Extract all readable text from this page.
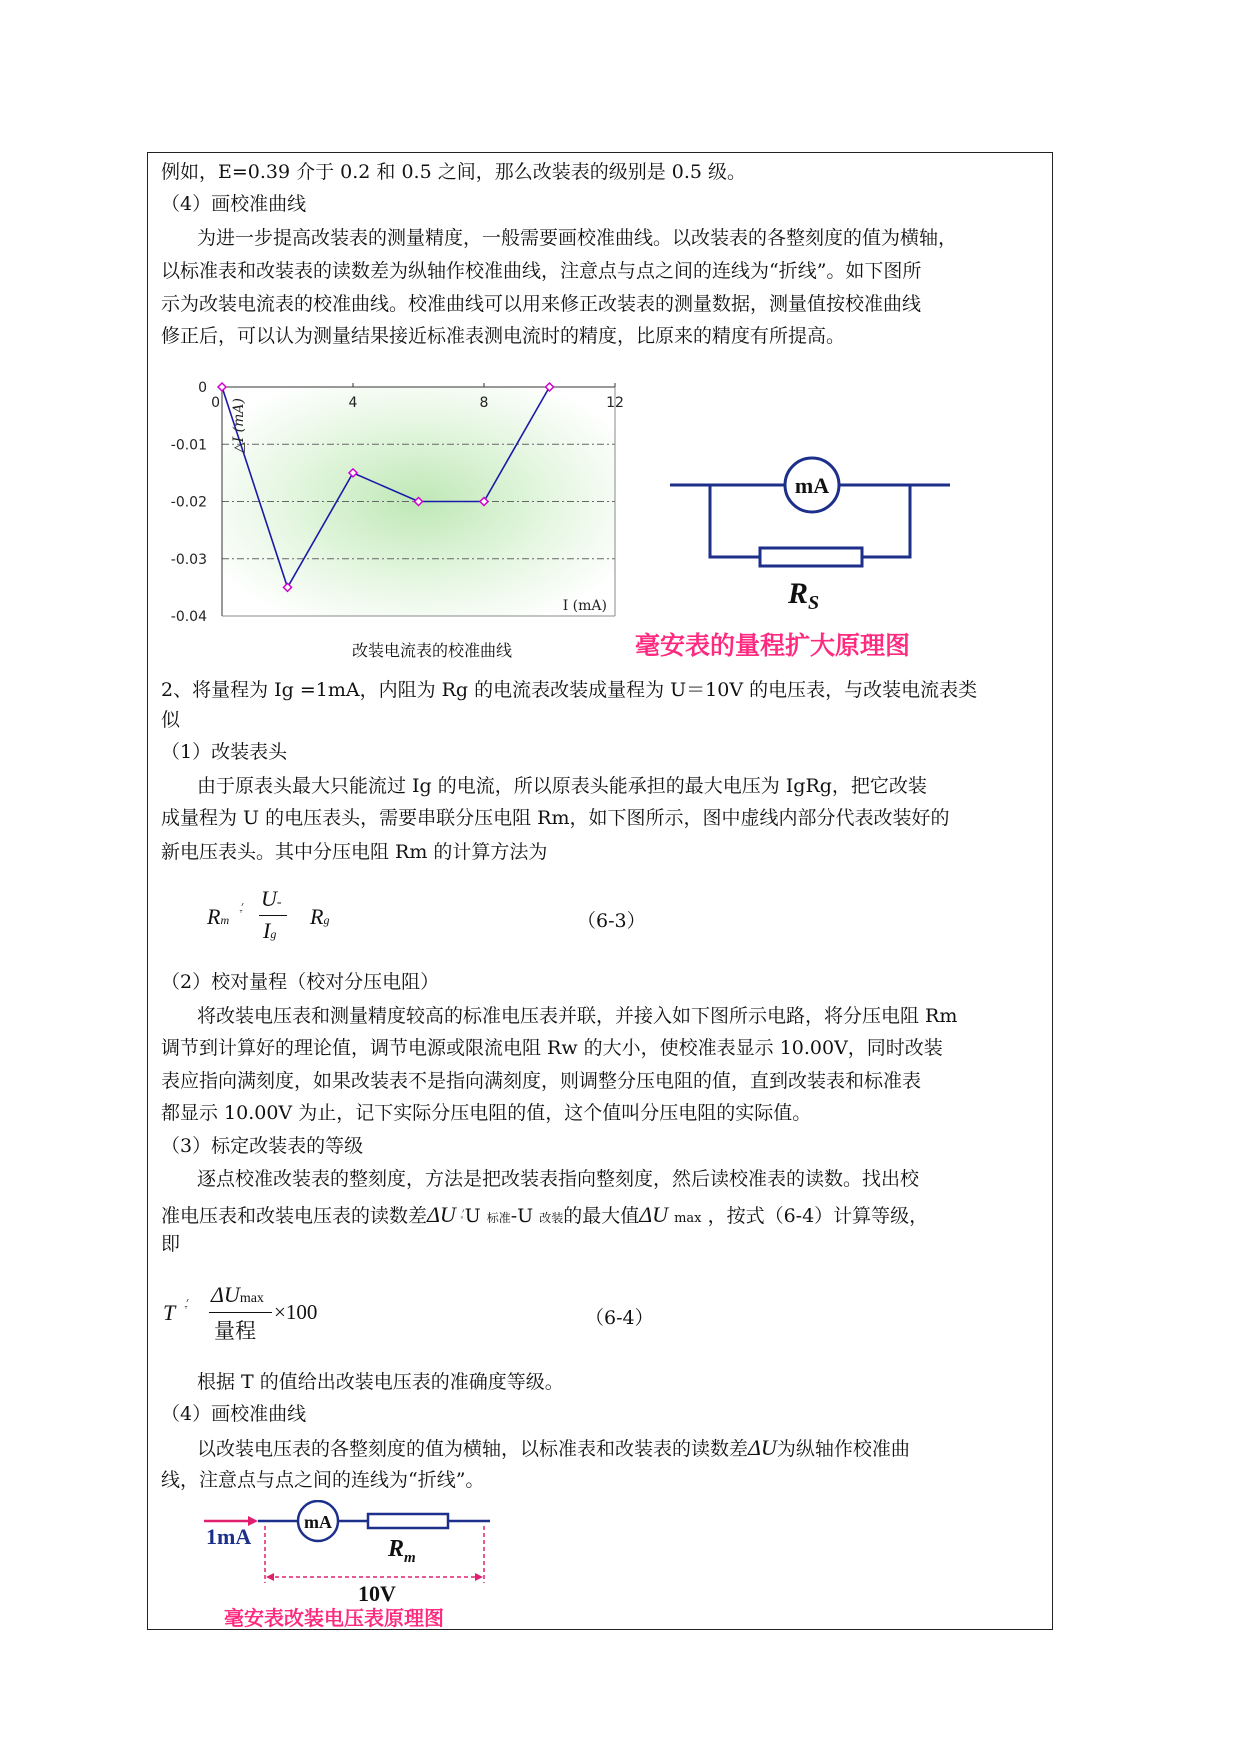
例如，E=0.39 介于 0.2 和 0.5 之间，那么改装表的级别是 0.5 级。
（4）画校准曲线
为进一步提高改装表的测量精度，一般需要画校准曲线。以改装表的各整刻度的值为横轴，
以标准表和改装表的读数差为纵轴作校准曲线，注意点与点之间的连线为“折线”。如下图所
示为改装电流表的校准曲线。校准曲线可以用来修正改装表的测量数据，测量值按校准曲线
修正后，可以认为测量结果接近标准表测电流时的精度，比原来的精度有所提高。
0	4	8	12
0
-0.01
-0.02
-0.03
-0.04
△I (mA)
I (mA)
改装电流表的校准曲线
mA
$R_S$
毫安表的量程扩大原理图
2、将量程为 Ig =1mA，内阻为 Rg 的电流表改装成量程为 U＝10V 的电压表，与改装电流表类
似
（1）改装表头
由于原表头最大只能流过 Ig 的电流，所以原表头能承担的最大电压为 IgRg，把它改装
成量程为 U 的电压表头，需要串联分压电阻 Rm，如下图所示，图中虚线内部分代表改装好的
新电压表头。其中分压电阻 Rm 的计算方法为
Rm
׳ֶ U-
Ig
Rg	（6-3）
（2）校对量程（校对分压电阻）
将改装电压表和测量精度较高的标准电压表并联，并接入如下图所示电路，将分压电阻 Rm
调节到计算好的理论值，调节电源或限流电阻 Rw 的大小，使校准表显示 10.00V，同时改装
表应指向满刻度，如果改装表不是指向满刻度，则调整分压电阻的值，直到改装表和标准表
都显示 10.00V 为止，记下实际分压电阻的值，这个值叫分压电阻的实际值。
（3）标定改装表的等级
逐点校准改装表的整刻度，方法是把改装表指向整刻度，然后读校准表的读数。找出校
准电压表和改装电压表的读数差ΔU ׳ֶU 标准-U 改装的最大值ΔU max ，按式（6-4）计算等级，
即
T ׳ֶ ΔUmax
量程
×100	（6-4）
根据 T 的值给出改装电压表的准确度等级。
（4）画校准曲线
以改装电压表的各整刻度的值为横轴，以标准表和改装表的读数差ΔU为纵轴作校准曲
线，注意点与点之间的连线为“折线”。
mA
1mA	$R_m$
10V
毫安表改装电压表原理图
